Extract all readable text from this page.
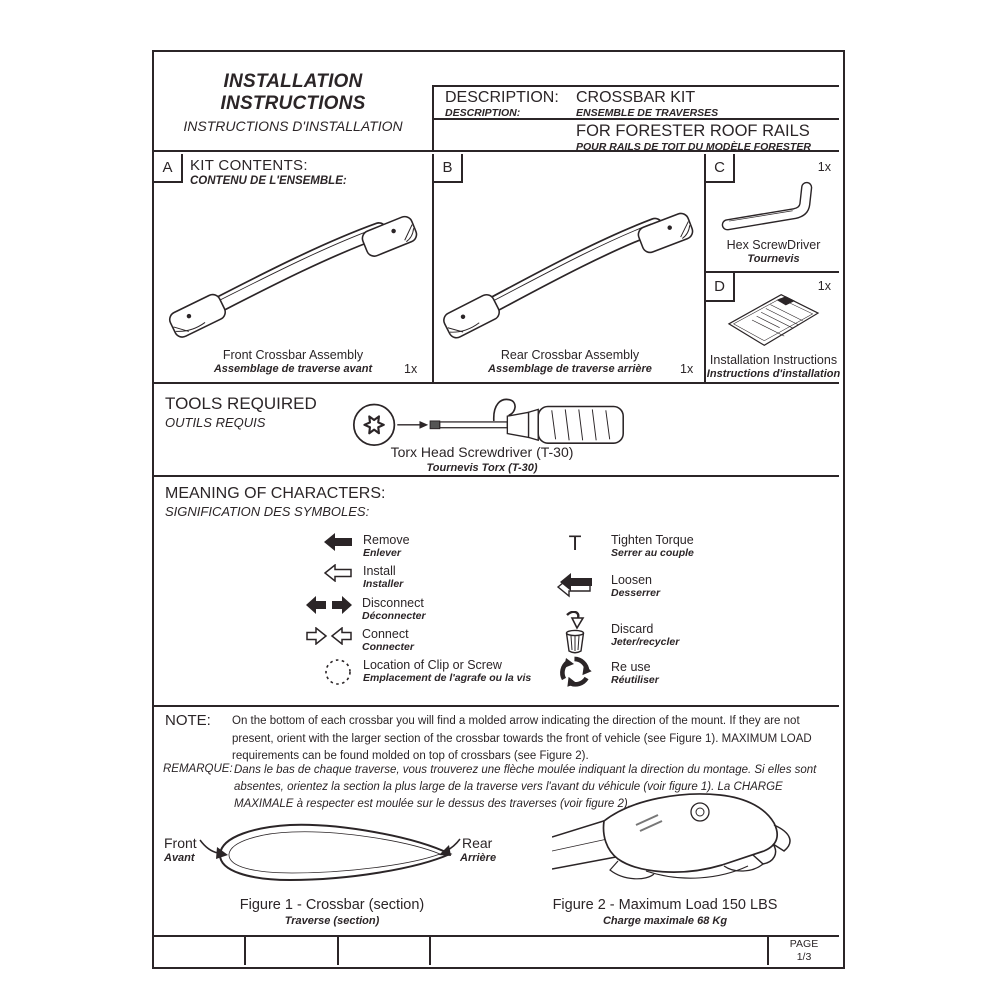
INSTALLATION INSTRUCTIONS
INSTRUCTIONS D'INSTALLATION
DESCRIPTION:
DESCRIPTION:
CROSSBAR KIT
ENSEMBLE DE TRAVERSES
FOR FORESTER ROOF RAILS
POUR RAILS DE TOIT DU MODÈLE FORESTER
A	KIT CONTENTS:
CONTENU DE L'ENSEMBLE:
Front Crossbar Assembly
Assemblage de traverse avant	1x
B
Rear Crossbar Assembly
Assemblage de traverse arrière	1x
C	1x
Hex ScrewDriver
Tournevis
D	1x
Installation Instructions
Instructions d'installation
TOOLS REQUIRED
OUTILS REQUIS
Torx Head Screwdriver (T-30)
Tournevis Torx (T-30)
MEANING OF CHARACTERS:
SIGNIFICATION DES SYMBOLES:
Remove
Enlever
Install
Installer
Disconnect
Déconnecter
Connect
Connecter
Location of Clip or Screw
Emplacement de l'agrafe ou la vis
T	Tighten Torque
Serrer au couple
Loosen
Desserrer
Discard
Jeter/recycler
Re use
Réutiliser
NOTE: On the bottom of each crossbar you will find a molded arrow indicating the direction of the mount. If they are not present, orient with the larger section of the crossbar towards the front of vehicle (see Figure 1). MAXIMUM LOAD requirements can be found molded on top of crossbars (see Figure 2).
REMARQUE: Dans le bas de chaque traverse, vous trouverez une flèche moulée indiquant la direction du montage. Si elles sont absentes, orientez la section la plus large de la traverse vers l'avant du véhicule (voir figure 1). La CHARGE MAXIMALE à respecter est moulée sur le dessus des traverses (voir figure 2).
Front
Avant
Rear
Arrière
Figure 1 - Crossbar (section)
Traverse (section)
Figure 2 - Maximum Load 150 LBS
Charge maximale 68 Kg
PAGE
1/3
